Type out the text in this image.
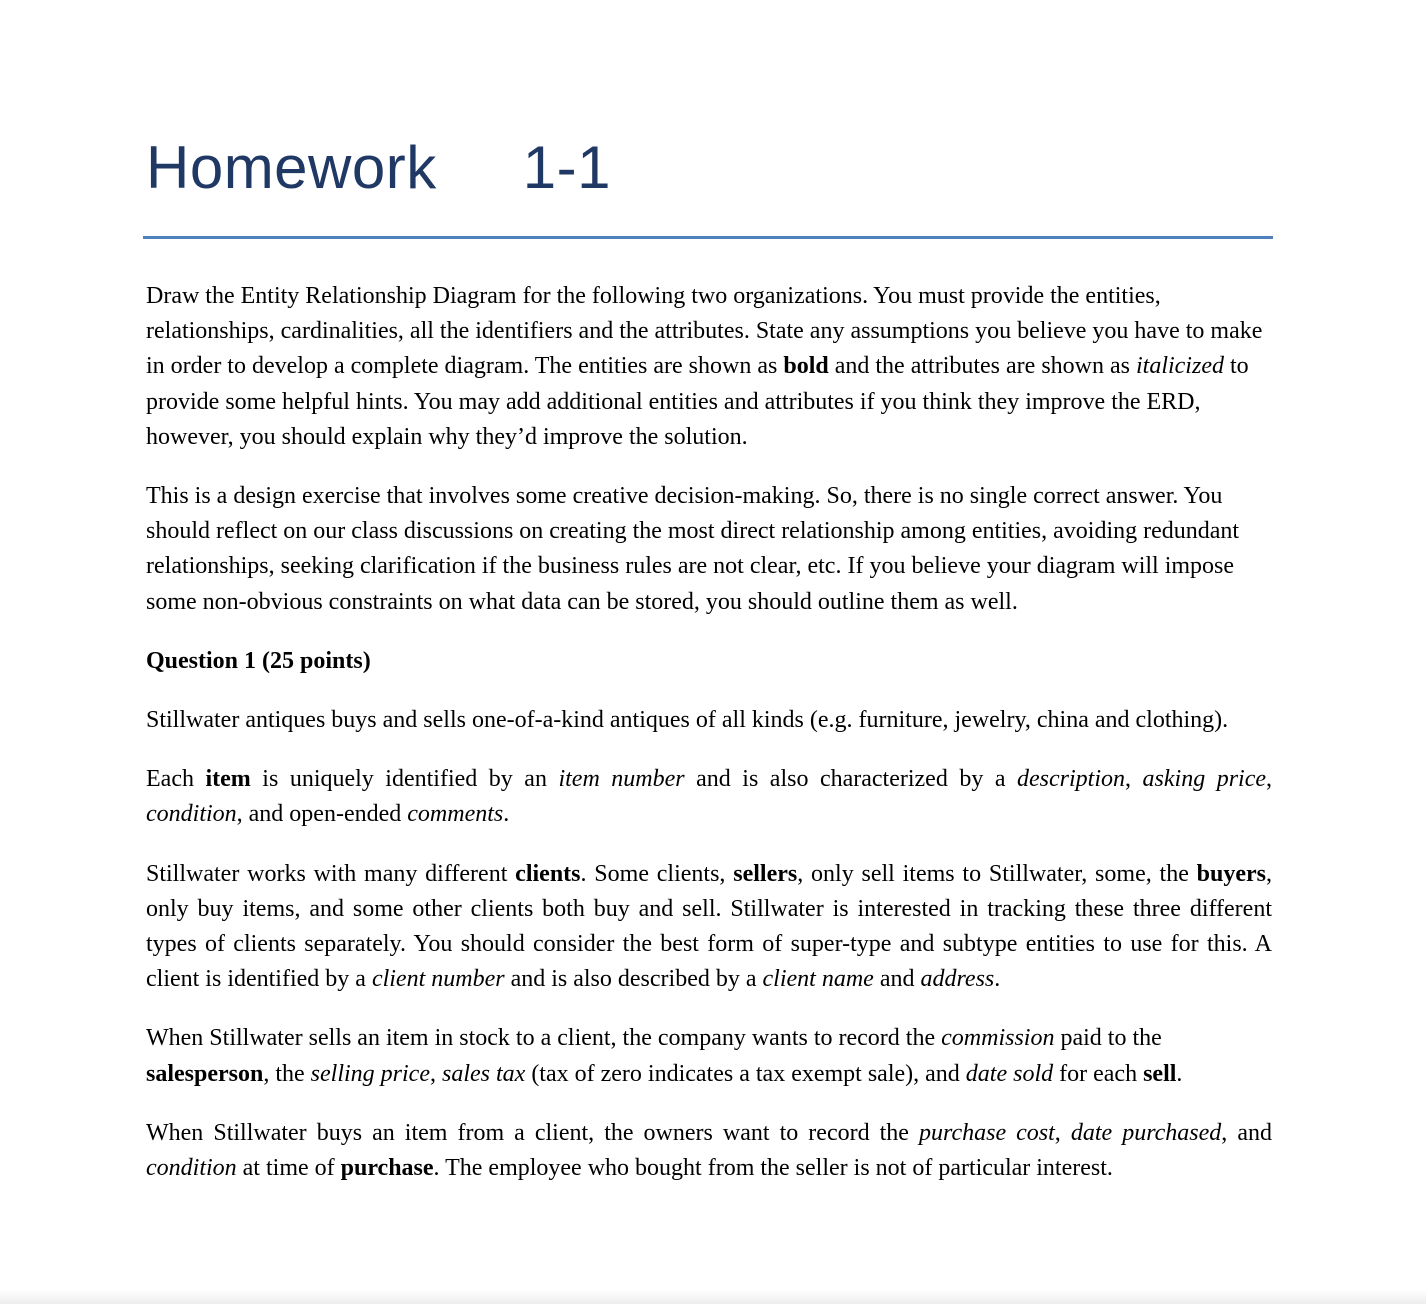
Homework 1-1

Draw the Entity Relationship Diagram for the following two organizations. You must provide the entities, relationships, cardinalities, all the identifiers and the attributes. State any assumptions you believe you have to make in order to develop a complete diagram. The entities are shown as bold and the attributes are shown as italicized to provide some helpful hints. You may add additional entities and attributes if you think they improve the ERD, however, you should explain why they’d improve the solution.

This is a design exercise that involves some creative decision-making. So, there is no single correct answer. You should reflect on our class discussions on creating the most direct relationship among entities, avoiding redundant relationships, seeking clarification if the business rules are not clear, etc. If you believe your diagram will impose some non-obvious constraints on what data can be stored, you should outline them as well.

Question 1 (25 points)

Stillwater antiques buys and sells one-of-a-kind antiques of all kinds (e.g. furniture, jewelry, china and clothing).

Each item is uniquely identified by an item number and is also characterized by a description, asking price, condition, and open-ended comments.

Stillwater works with many different clients. Some clients, sellers, only sell items to Stillwater, some, the buyers, only buy items, and some other clients both buy and sell. Stillwater is interested in tracking these three different types of clients separately. You should consider the best form of super-type and subtype entities to use for this. A client is identified by a client number and is also described by a client name and address.

When Stillwater sells an item in stock to a client, the company wants to record the commission paid to the salesperson, the selling price, sales tax (tax of zero indicates a tax exempt sale), and date sold for each sell.

When Stillwater buys an item from a client, the owners want to record the purchase cost, date purchased, and condition at time of purchase. The employee who bought from the seller is not of particular interest.
